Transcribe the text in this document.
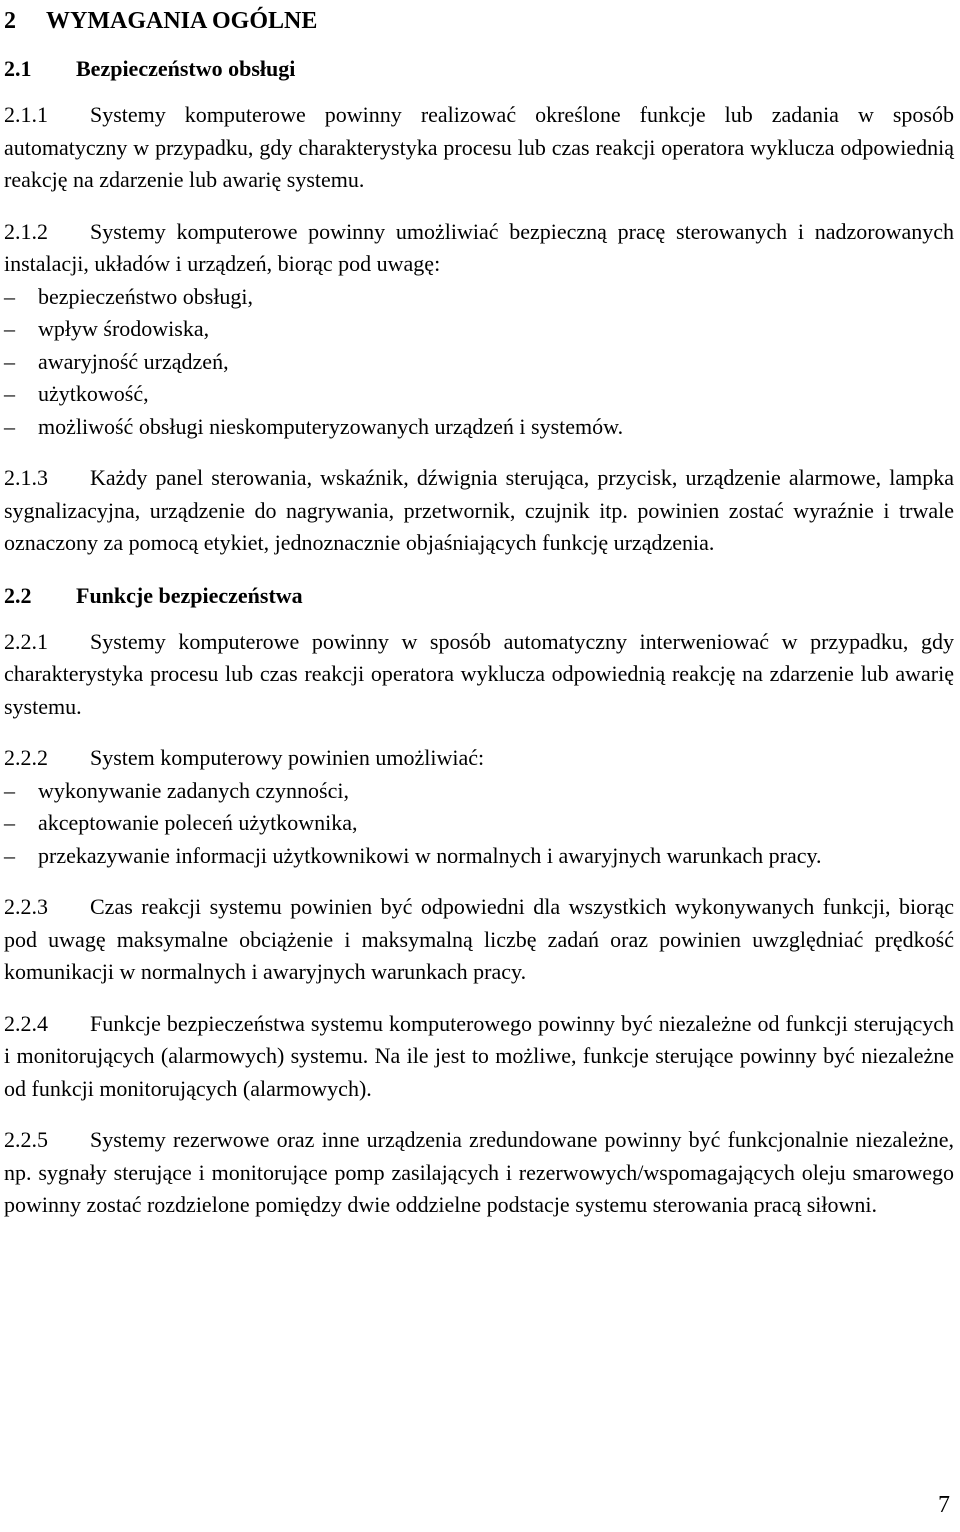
2 WYMAGANIA OGÓLNE
2.1 Bezpieczeństwo obsługi

2.1.1 Systemy komputerowe powinny realizować określone funkcje lub zadania w sposób automatyczny w przypadku, gdy charakterystyka procesu lub czas reakcji operatora wyklucza odpowiednią reakcję na zdarzenie lub awarię systemu.

2.1.2 Systemy komputerowe powinny umożliwiać bezpieczną pracę sterowanych i nadzorowanych instalacji, układów i urządzeń, biorąc pod uwagę:

– bezpieczeństwo obsługi,
– wpływ środowiska,
– awaryjność urządzeń,
– użytkowość,
– możliwość obsługi nieskomputeryzowanych urządzeń i systemów.

2.1.3 Każdy panel sterowania, wskaźnik, dźwignia sterująca, przycisk, urządzenie alarmowe, lampka sygnalizacyjna, urządzenie do nagrywania, przetwornik, czujnik itp. powinien zostać wyraźnie i trwale oznaczony za pomocą etykiet, jednoznacznie objaśniających funkcję urządzenia.

2.2 Funkcje bezpieczeństwa

2.2.1 Systemy komputerowe powinny w sposób automatyczny interweniować w przypadku, gdy charakterystyka procesu lub czas reakcji operatora wyklucza odpowiednią reakcję na zdarzenie lub awarię systemu.

2.2.2 System komputerowy powinien umożliwiać:

– wykonywanie zadanych czynności,
– akceptowanie poleceń użytkownika,
– przekazywanie informacji użytkownikowi w normalnych i awaryjnych warunkach pracy.

2.2.3 Czas reakcji systemu powinien być odpowiedni dla wszystkich wykonywanych funkcji, biorąc pod uwagę maksymalne obciążenie i maksymalną liczbę zadań oraz powinien uwzględniać prędkość komunikacji w normalnych i awaryjnych warunkach pracy.

2.2.4 Funkcje bezpieczeństwa systemu komputerowego powinny być niezależne od funkcji sterujących i monitorujących (alarmowych) systemu. Na ile jest to możliwe, funkcje sterujące powinny być niezależne od funkcji monitorujących (alarmowych).

2.2.5 Systemy rezerwowe oraz inne urządzenia zredundowane powinny być funkcjonalnie niezależne, np. sygnały sterujące i monitorujące pomp zasilających i rezerwowych/wspomagających oleju smarowego powinny zostać rozdzielone pomiędzy dwie oddzielne podstacje systemu sterowania pracą siłowni.

7
